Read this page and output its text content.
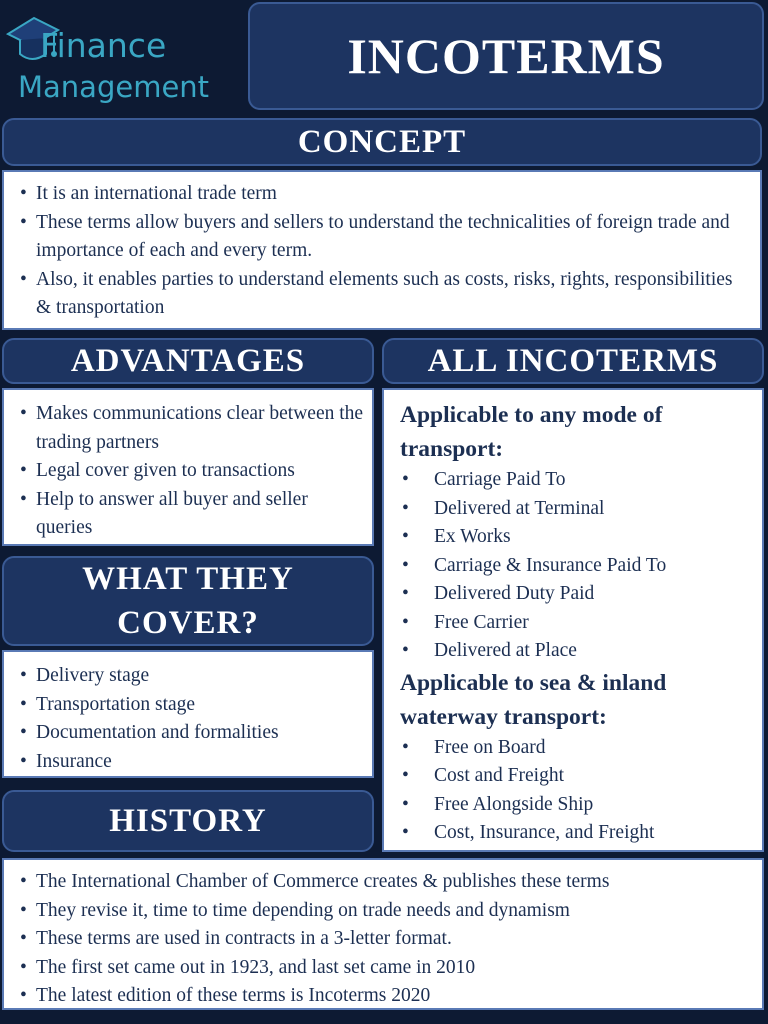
Finance
Management
INCOTERMS
CONCEPT
• It is an international trade term
• These terms allow buyers and sellers to understand the technicalities of foreign trade and importance of each and every term.
• Also, it enables parties to understand elements such as costs, risks, rights, responsibilities & transportation
ADVANTAGES
• Makes communications clear between the trading partners
• Legal cover given to transactions
• Help to answer all buyer and seller queries
WHAT THEY
COVER?
• Delivery stage
• Transportation stage
• Documentation and formalities
• Insurance
HISTORY
ALL INCOTERMS
Applicable to any mode of transport:
• Carriage Paid To
• Delivered at Terminal
• Ex Works
• Carriage & Insurance Paid To
• Delivered Duty Paid
• Free Carrier
• Delivered at Place
Applicable to sea & inland waterway transport:
• Free on Board
• Cost and Freight
• Free Alongside Ship
• Cost, Insurance, and Freight
• The International Chamber of Commerce creates & publishes these terms
• They revise it, time to time depending on trade needs and dynamism
• These terms are used in contracts in a 3-letter format.
• The first set came out in 1923, and last set came in 2010
• The latest edition of these terms is Incoterms 2020
